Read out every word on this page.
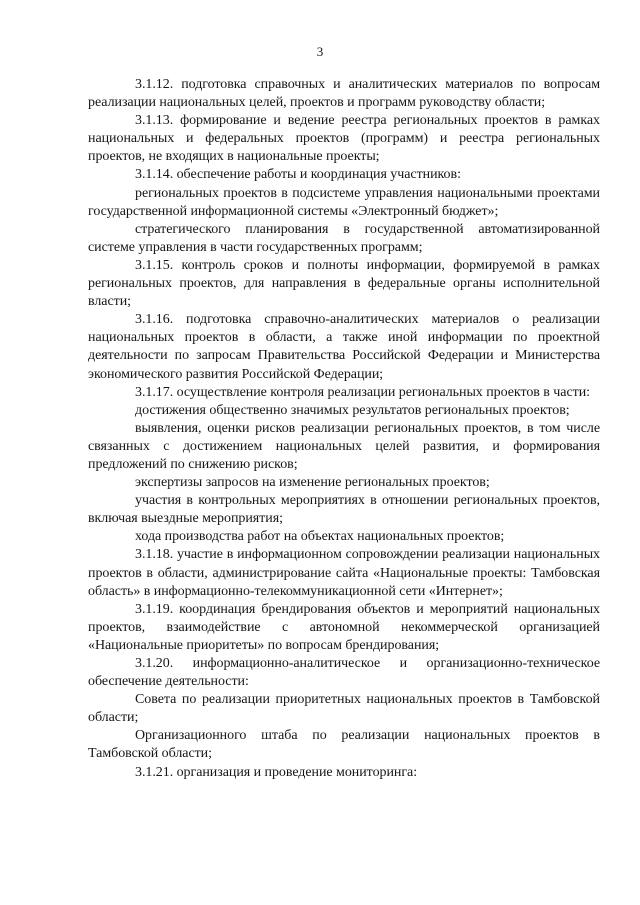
3

3.1.12. подготовка справочных и аналитических материалов по вопросам реализации национальных целей, проектов и программ руководству области;

3.1.13. формирование и ведение реестра региональных проектов в рамках национальных и федеральных проектов (программ) и реестра региональных проектов, не входящих в национальные проекты;

3.1.14. обеспечение работы и координация участников:

региональных проектов в подсистеме управления национальными проектами государственной информационной системы «Электронный бюджет»;

стратегического планирования в государственной автоматизированной системе управления в части государственных программ;

3.1.15. контроль сроков и полноты информации, формируемой в рамках региональных проектов, для направления в федеральные органы исполнительной власти;

3.1.16. подготовка справочно-аналитических материалов о реализации национальных проектов в области, а также иной информации по проектной деятельности по запросам Правительства Российской Федерации и Министерства экономического развития Российской Федерации;

3.1.17. осуществление контроля реализации региональных проектов в части:

достижения общественно значимых результатов региональных проектов;

выявления, оценки рисков реализации региональных проектов, в том числе связанных с достижением национальных целей развития, и формирования предложений по снижению рисков;

экспертизы запросов на изменение региональных проектов;

участия в контрольных мероприятиях в отношении региональных проектов, включая выездные мероприятия;

хода производства работ на объектах национальных проектов;

3.1.18. участие в информационном сопровождении реализации национальных проектов в области, администрирование сайта «Национальные проекты: Тамбовская область» в информационно-телекоммуникационной сети «Интернет»;

3.1.19. координация брендирования объектов и мероприятий национальных проектов, взаимодействие с автономной некоммерческой организацией «Национальные приоритеты» по вопросам брендирования;

3.1.20. информационно-аналитическое и организационно-техническое обеспечение деятельности:

Совета по реализации приоритетных национальных проектов в Тамбовской области;

Организационного штаба по реализации национальных проектов в Тамбовской области;

3.1.21. организация и проведение мониторинга:
